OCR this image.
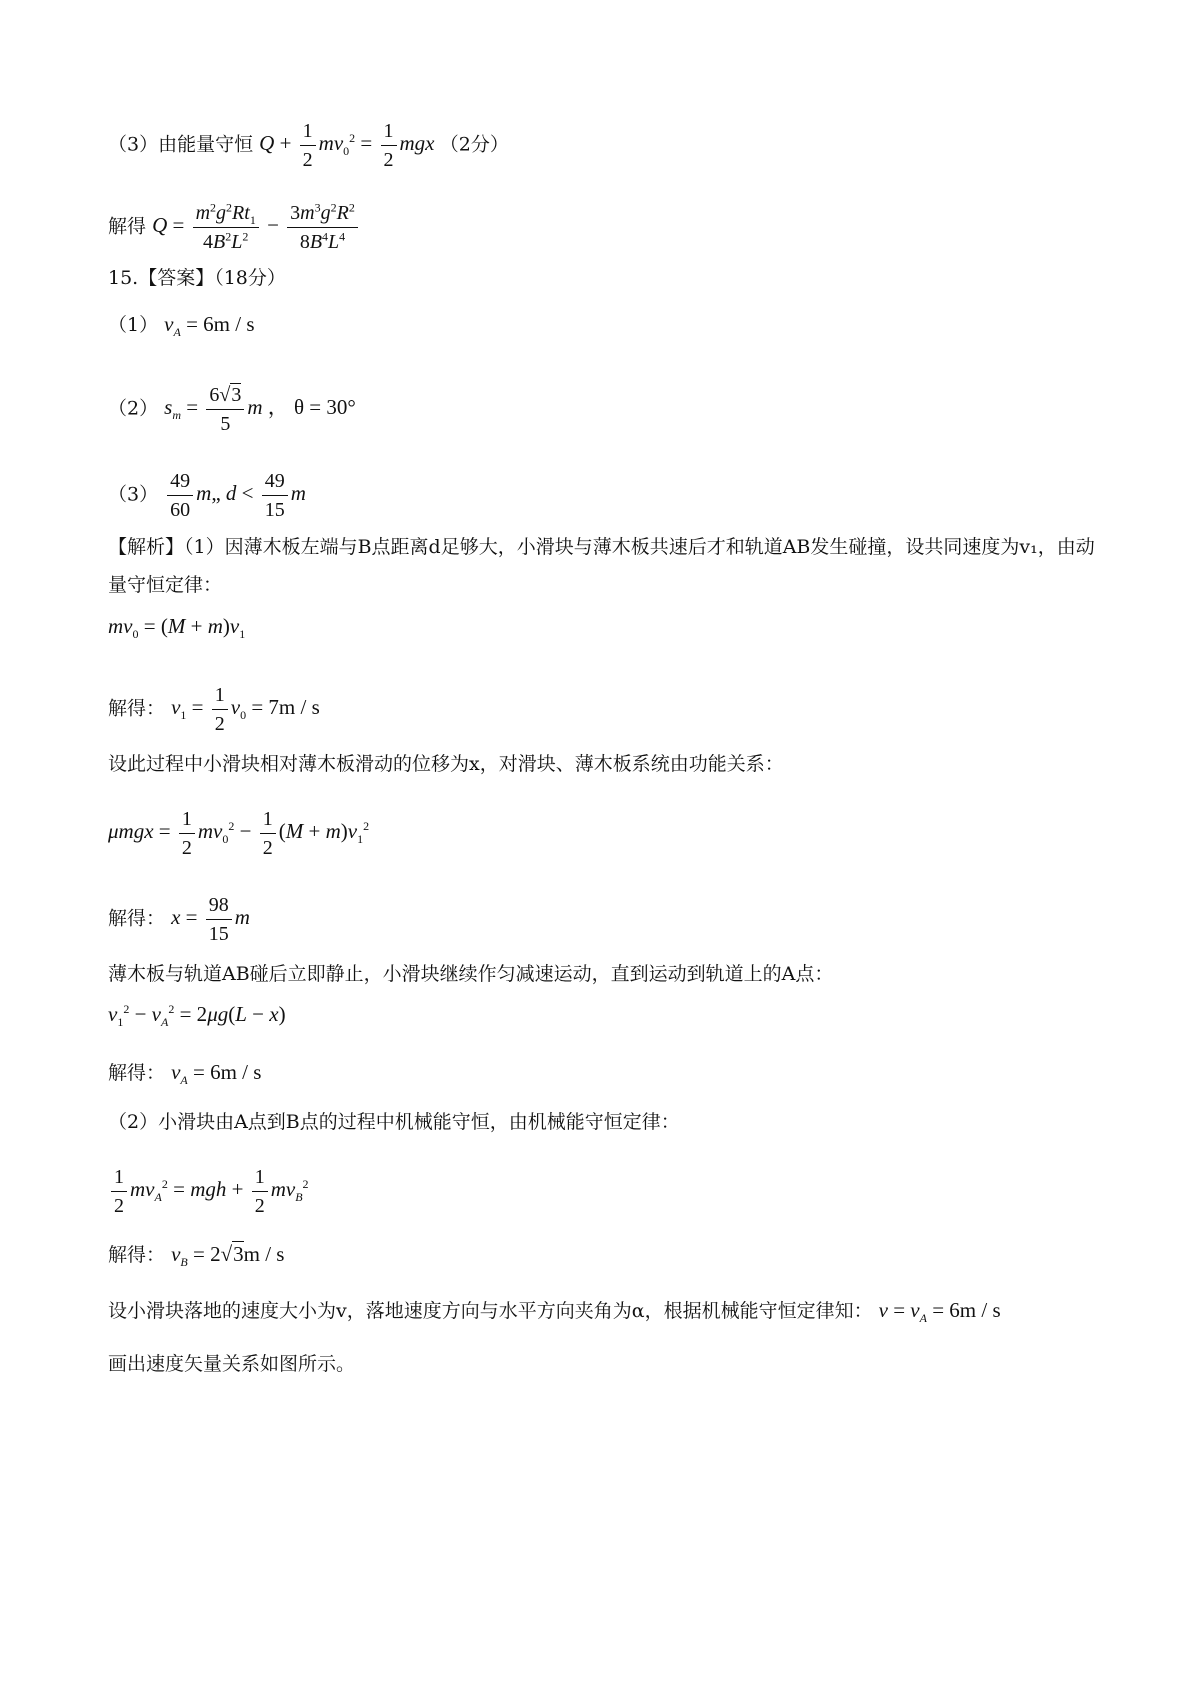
（3）由能量守恒 $Q + \frac{1}{2} mv_0^2 = \frac{1}{2}$ mgx （2分）
解得 $Q = \frac{m^2g^2Rt_1}{4B^2L^2} - \frac{3m^3g^2R^2}{8B^4L^4}$
15.【答案】（18分）
（1） $v_A = 6m / s$
（2） $s_m = \frac{6√3}{5}$ m ， θ = 30°
$(3) \frac{49}{60}$ m„ $d < \frac{49}{15}$ m
【解析】（1）因薄木板左端与B点距离d足够大，小滑块与薄木板共速后才和轨道AB发生碰撞，设共同速度为v₁，由动量守恒定律：
$mv_0 = (M + m)v_1$
解得： $v_1 = \frac{1}{2} v_0 = 7m / s$
设此过程中小滑块相对薄木板滑动的位移为x，对滑块、薄木板系统由功能关系：
$\mu mgx = \frac{1}{2} mv_0^2 - \frac{1}{2} (M + m)v_1^2$
解得： $x = \frac{98}{15}$ m
薄木板与轨道AB碰后立即静止，小滑块继续作匀减速运动，直到运动到轨道上的A点：
$v_1^2 - v_A^2 = 2\mu g(L - x)$
解得： $v_A = 6m / s$
（2）小滑块由A点到B点的过程中机械能守恒，由机械能守恒定律：
$\frac{1}{2} mv_A^2$ = mgh + $\frac{1}{2} mv_B^2$
解得： $v_B = 2√3m / s$
设小滑块落地的速度大小为v，落地速度方向与水平方向夹角为α，根据机械能守恒定律知： $v = v_A = 6m / s$
画出速度矢量关系如图所示。
